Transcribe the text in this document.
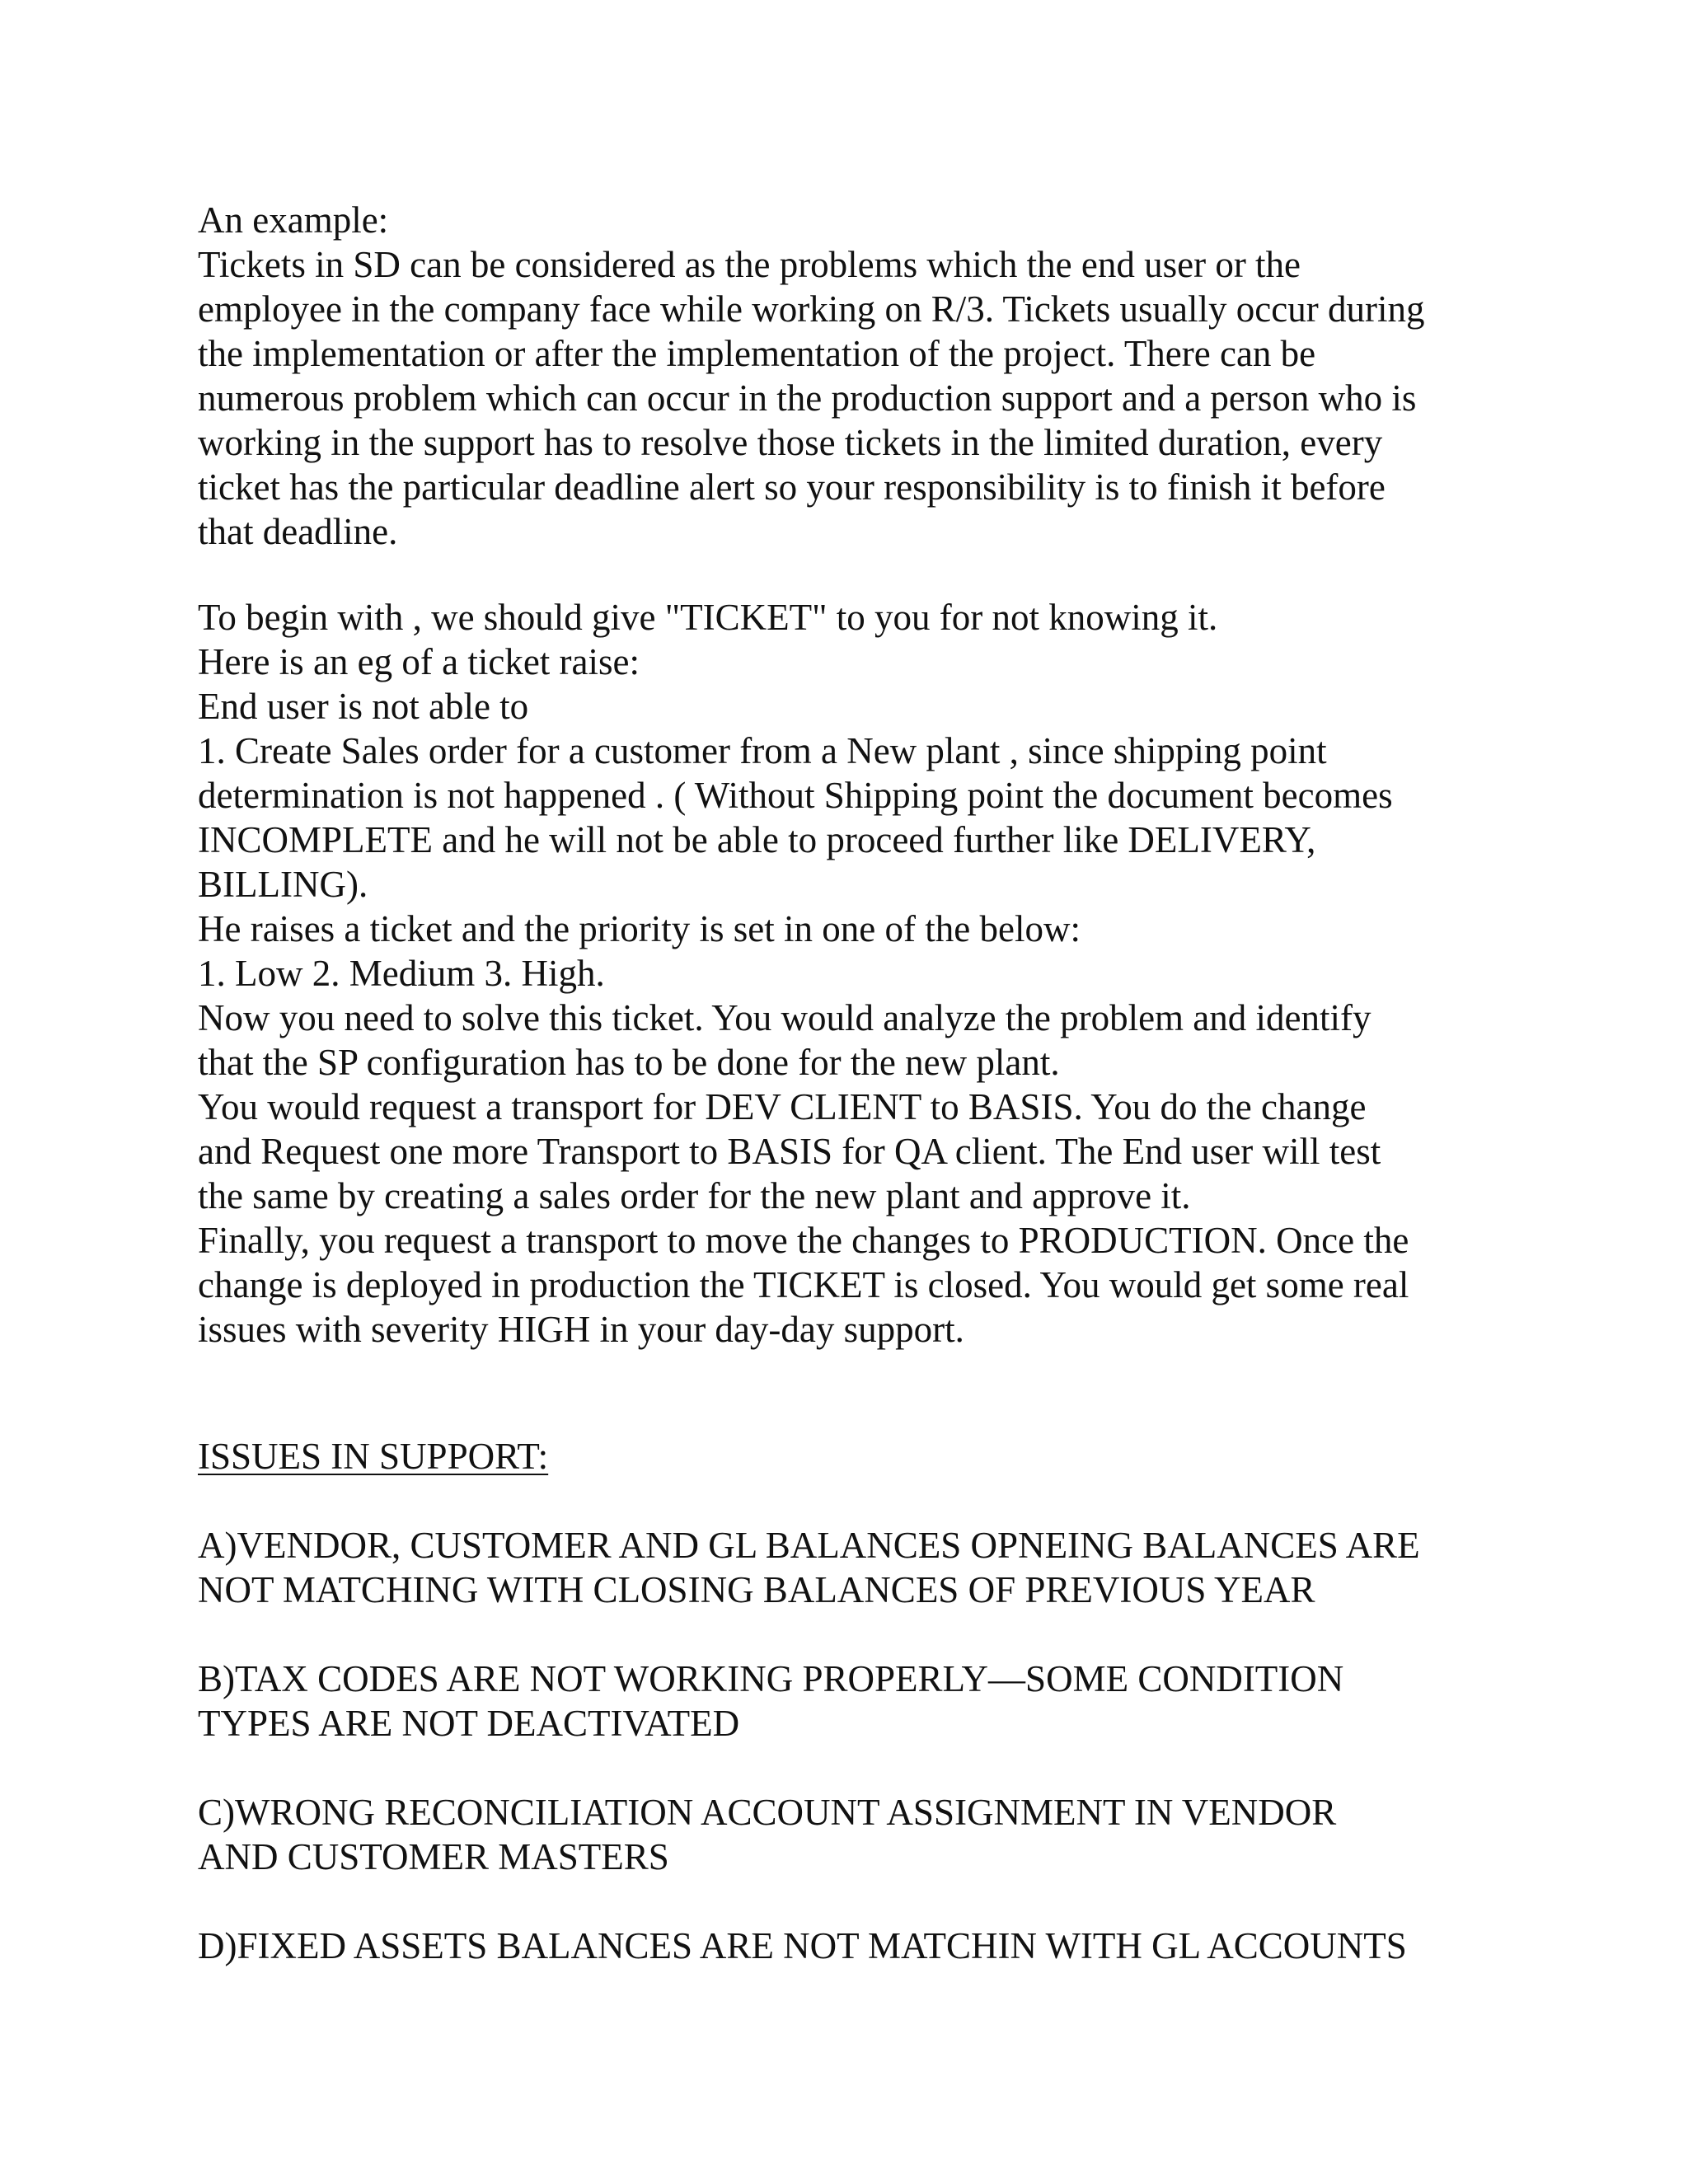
An example:
Tickets in SD can be considered as the problems which the end user or the
employee in the company face while working on R/3. Tickets usually occur during
the implementation or after the implementation of the project. There can be
numerous problem which can occur in the production support and a person who is
working in the support has to resolve those tickets in the limited duration, every
ticket has the particular deadline alert so your responsibility is to finish it before
that deadline.
To begin with , we should give "TICKET" to you for not knowing it.
Here is an eg of a ticket raise:
End user is not able to
1. Create Sales order for a customer from a New plant , since shipping point
determination is not happened . ( Without Shipping point the document becomes
INCOMPLETE and he will not be able to proceed further like DELIVERY,
BILLING).
He raises a ticket and the priority is set in one of the below:
1. Low 2. Medium 3. High.
Now you need to solve this ticket. You would analyze the problem and identify
that the SP configuration has to be done for the new plant.
You would request a transport for DEV CLIENT to BASIS. You do the change
and Request one more Transport to BASIS for QA client. The End user will test
the same by creating a sales order for the new plant and approve it.
Finally, you request a transport to move the changes to PRODUCTION. Once the
change is deployed in production the TICKET is closed. You would get some real
issues with severity HIGH in your day-day support.
ISSUES IN SUPPORT:
A)VENDOR, CUSTOMER AND GL BALANCES OPNEING BALANCES ARE
NOT MATCHING WITH CLOSING BALANCES OF PREVIOUS YEAR
B)TAX CODES ARE NOT WORKING PROPERLY—SOME CONDITION
TYPES ARE NOT DEACTIVATED
C)WRONG RECONCILIATION ACCOUNT ASSIGNMENT IN VENDOR
AND CUSTOMER MASTERS
D)FIXED ASSETS BALANCES ARE NOT MATCHIN WITH GL ACCOUNTS
